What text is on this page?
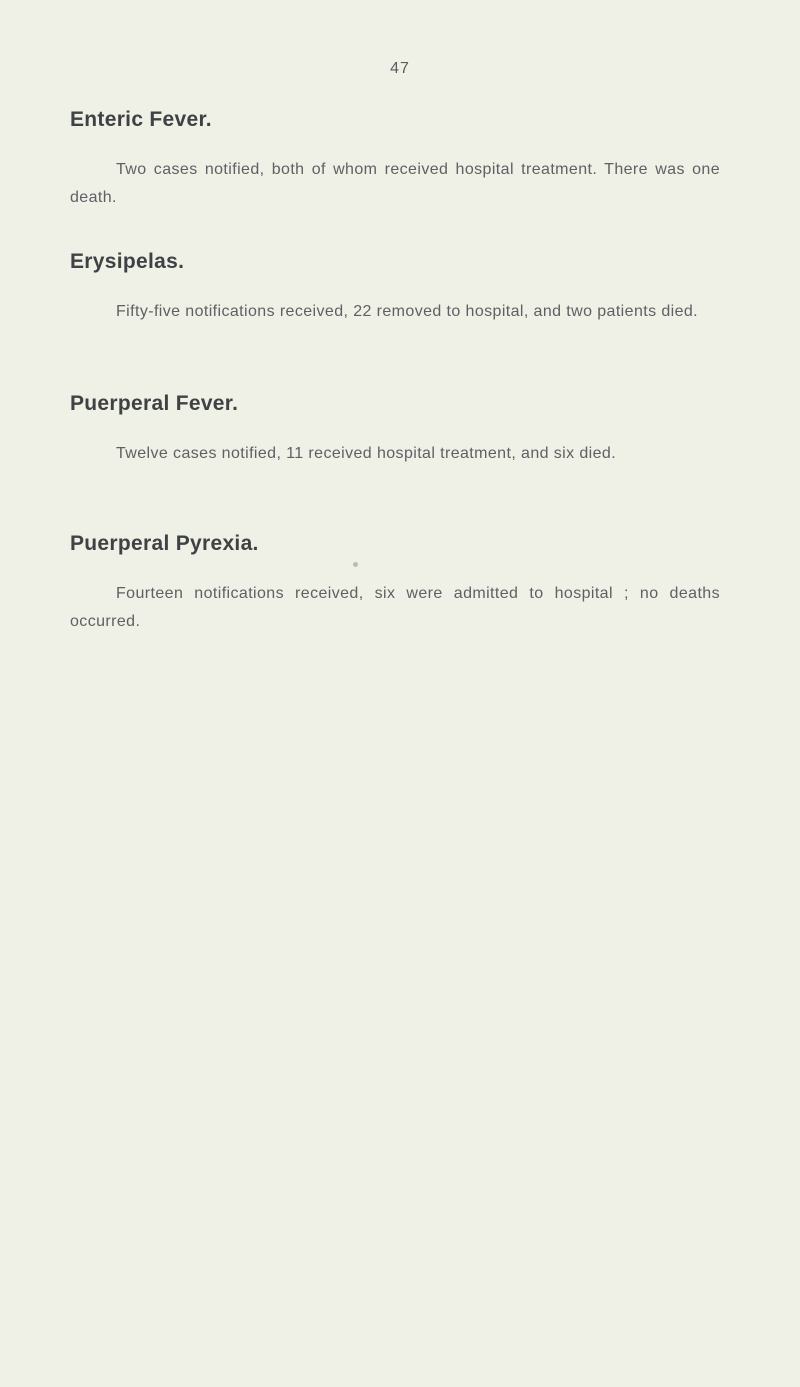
47
Enteric Fever.

Two cases notified, both of whom received hospital treatment. There was one death.

Erysipelas.

Fifty-five notifications received, 22 removed to hospital, and two patients died.

Puerperal Fever.

Twelve cases notified, 11 received hospital treatment, and six died.

Puerperal Pyrexia.

Fourteen notifications received, six were admitted to hospital ; no deaths occurred.
